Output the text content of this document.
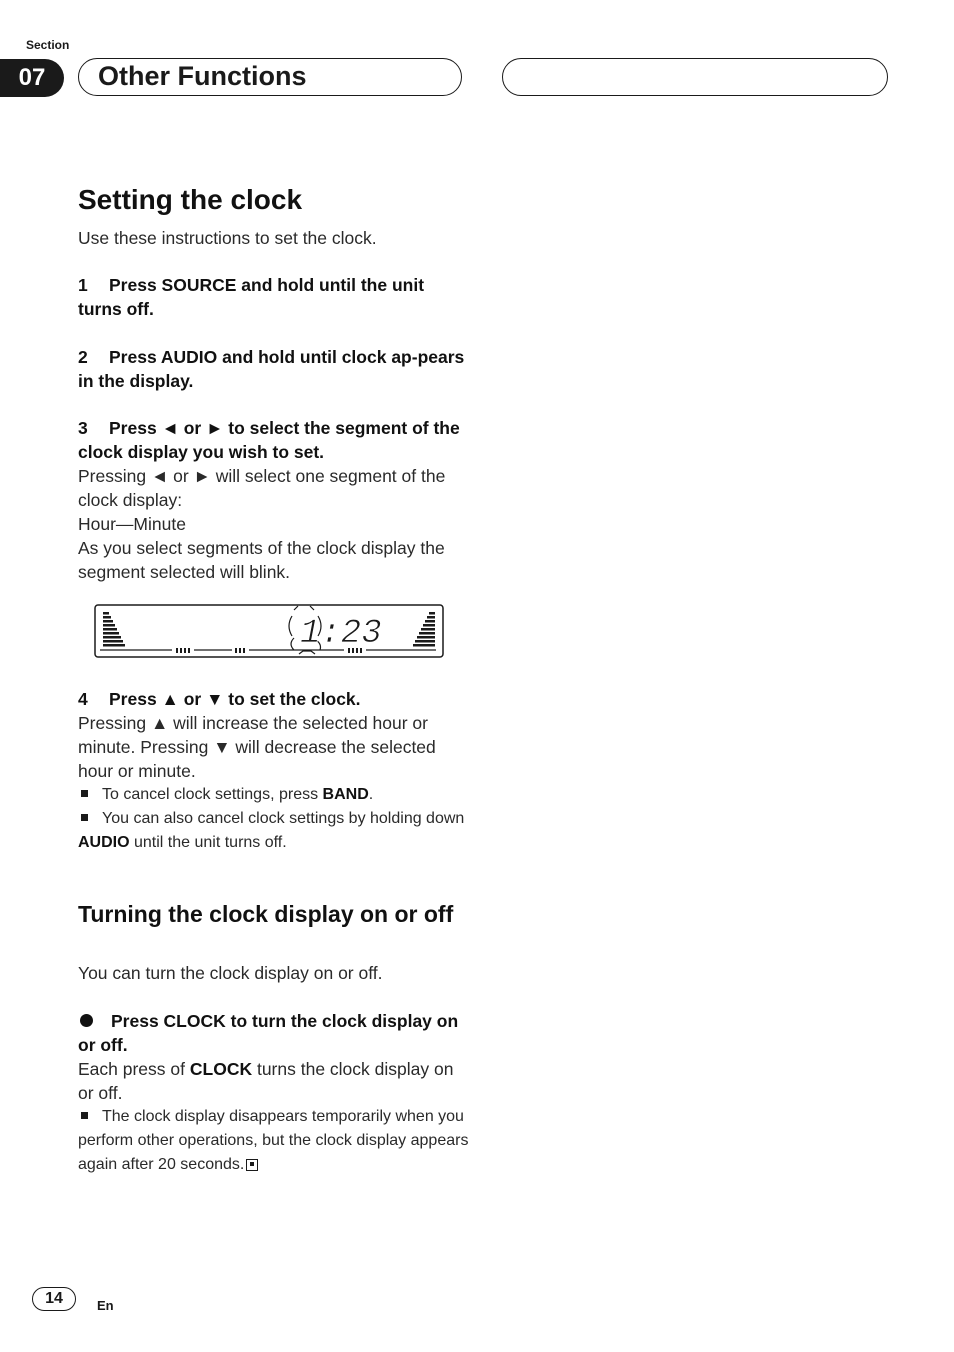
Section
07	Other Functions
Setting the clock

Use these instructions to set the clock.

1 Press SOURCE and hold until the unit turns off.

2 Press AUDIO and hold until clock ap-pears in the display.

3 Press ◄ or ► to select the segment of the clock display you wish to set.

Pressing ◄ or ► will select one segment of the clock display:

Hour—Minute

As you select segments of the clock display the segment selected will blink.

1:23

4 Press ▲ or ▼ to set the clock.

Pressing ▲ will increase the selected hour or minute. Pressing ▼ will decrease the selected hour or minute.

To cancel clock settings, press BAND.

You can also cancel clock settings by holding down AUDIO until the unit turns off.

Turning the clock display on or off

You can turn the clock display on or off.

Press CLOCK to turn the clock display on or off.

Each press of CLOCK turns the clock display on or off.

The clock display disappears temporarily when you perform other operations, but the clock display appears again after 20 seconds.

14	En
